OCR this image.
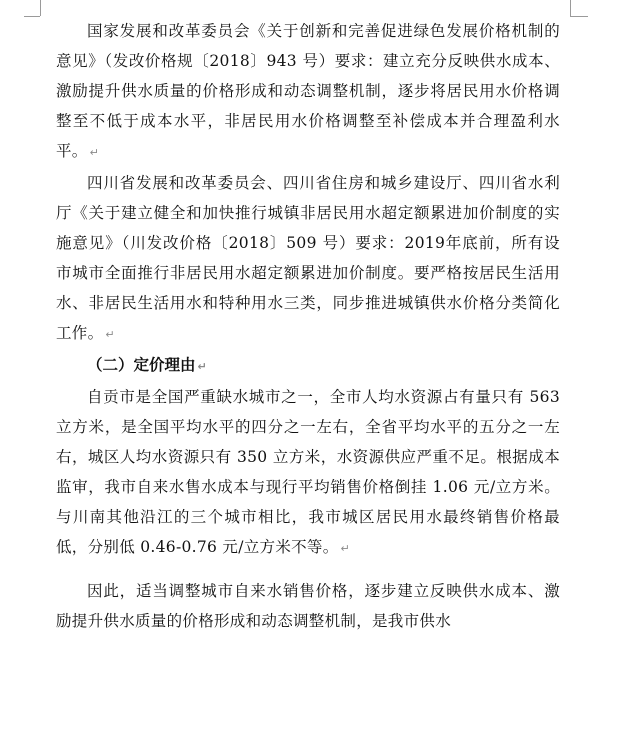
国家发展和改革委员会《关于创新和完善促进绿色发展价格机制的意见》（发改价格规〔2018〕943 号）要求：建立充分反映供水成本、激励提升供水质量的价格形成和动态调整机制，逐步将居民用水价格调整至不低于成本水平，非居民用水价格调整至补偿成本并合理盈利水平。 ↵

四川省发展和改革委员会、四川省住房和城乡建设厅、四川省水利厅《关于建立健全和加快推行城镇非居民用水超定额累进加价制度的实施意见》（川发改价格〔2018〕509 号）要求：2019年底前，所有设市城市全面推行非居民用水超定额累进加价制度。要严格按居民生活用水、非居民生活用水和特种用水三类，同步推进城镇供水价格分类简化工作。 ↵

（二）定价理由 ↵

自贡市是全国严重缺水城市之一，全市人均水资源占有量只有 563 立方米，是全国平均水平的四分之一左右，全省平均水平的五分之一左右，城区人均水资源只有 350 立方米，水资源供应严重不足。根据成本监审，我市自来水售水成本与现行平均销售价格倒挂 1.06 元/立方米。与川南其他沿江的三个城市相比，我市城区居民用水最终销售价格最低，分别低 0.46-0.76 元/立方米不等。 ↵

因此，适当调整城市自来水销售价格，逐步建立反映供水成本、激励提升供水质量的价格形成和动态调整机制，是我市供水
